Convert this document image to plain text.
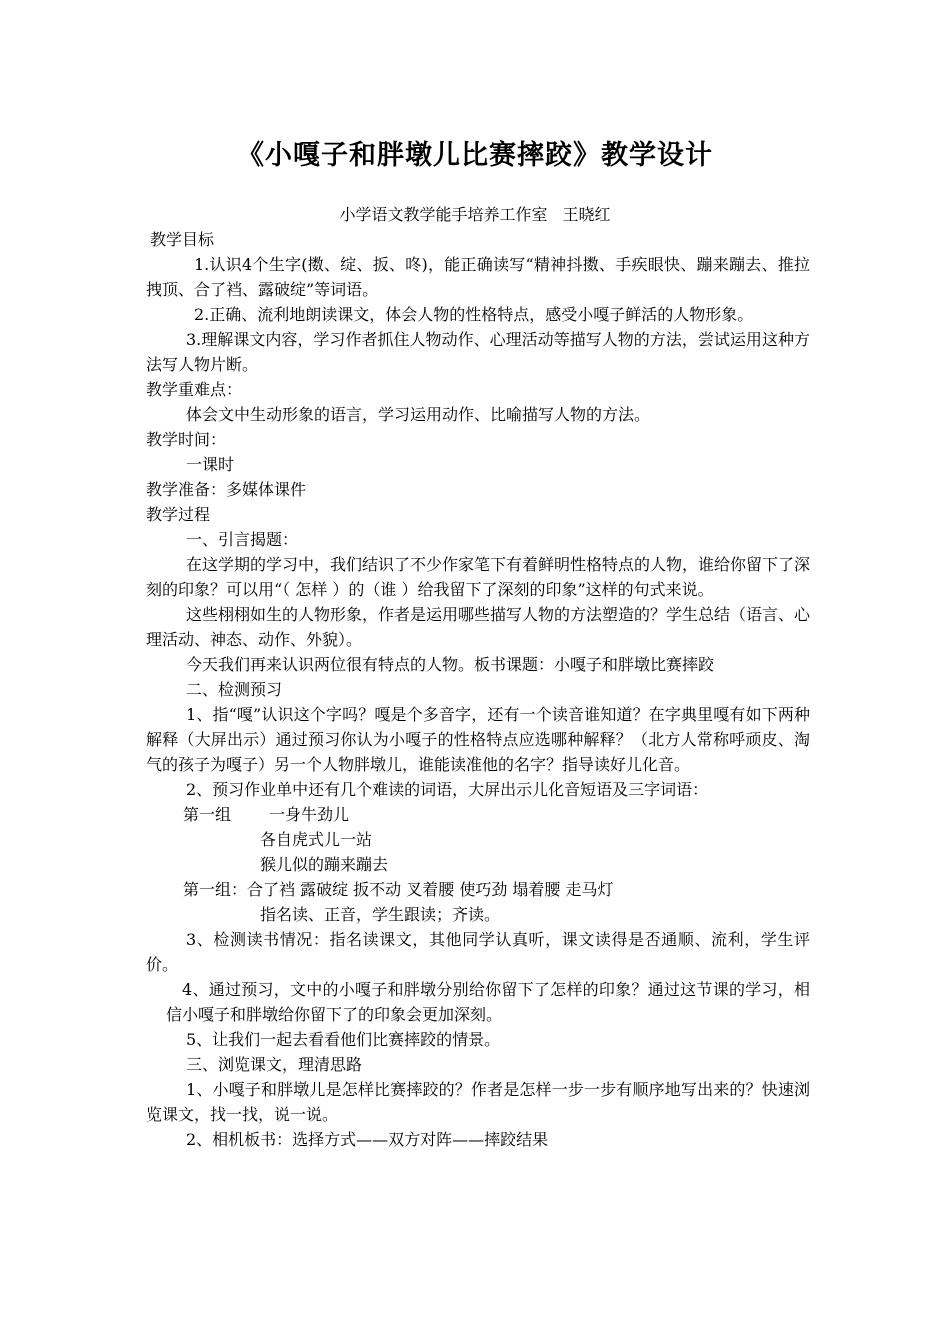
《小嘎子和胖墩儿比赛摔跤》教学设计
小学语文教学能手培养工作室 王晓红

教学目标

1.认识4个生字(擞、绽、扳、咚)，能正确读写“精神抖擞、手疾眼快、蹦来蹦去、推拉拽顶、合了裆、露破绽”等词语。

2.正确、流利地朗读课文，体会人物的性格特点，感受小嘎子鲜活的人物形象。

3.理解课文内容，学习作者抓住人物动作、心理活动等描写人物的方法，尝试运用这种方法写人物片断。

教学重难点：

体会文中生动形象的语言，学习运用动作、比喻描写人物的方法。

教学时间：

一课时

教学准备：多媒体课件

教学过程

一、引言揭题：

在这学期的学习中，我们结识了不少作家笔下有着鲜明性格特点的人物，谁给你留下了深刻的印象？可以用“（ 怎样 ）的（谁 ）给我留下了深刻的印象”这样的句式来说。

这些栩栩如生的人物形象，作者是运用哪些描写人物的方法塑造的？学生总结（语言、心理活动、神态、动作、外貌）。

今天我们再来认识两位很有特点的人物。板书课题：小嘎子和胖墩比赛摔跤

二、检测预习

1、指“嘎”认识这个字吗？嘎是个多音字，还有一个读音谁知道？在字典里嘎有如下两种解释（大屏出示）通过预习你认为小嘎子的性格特点应选哪种解释？（北方人常称呼顽皮、淘气的孩子为嘎子）另一个人物胖墩儿，谁能读准他的名字？指导读好儿化音。

2、预习作业单中还有几个难读的词语，大屏出示儿化音短语及三字词语：

第一组 一身牛劲儿

各自虎式儿一站

猴儿似的蹦来蹦去

第一组：合了裆 露破绽 扳不动 叉着腰 使巧劲 塌着腰 走马灯

指名读、正音，学生跟读；齐读。

3、检测读书情况：指名读课文，其他同学认真听，课文读得是否通顺、流利，学生评价。

4、通过预习，文中的小嘎子和胖墩分别给你留下了怎样的印象？通过这节课的学习，相信小嘎子和胖墩给你留下了的印象会更加深刻。

5、让我们一起去看看他们比赛摔跤的情景。

三、浏览课文，理清思路

1、小嘎子和胖墩儿是怎样比赛摔跤的？作者是怎样一步一步有顺序地写出来的？快速浏览课文，找一找，说一说。

2、相机板书：选择方式——双方对阵——摔跤结果
